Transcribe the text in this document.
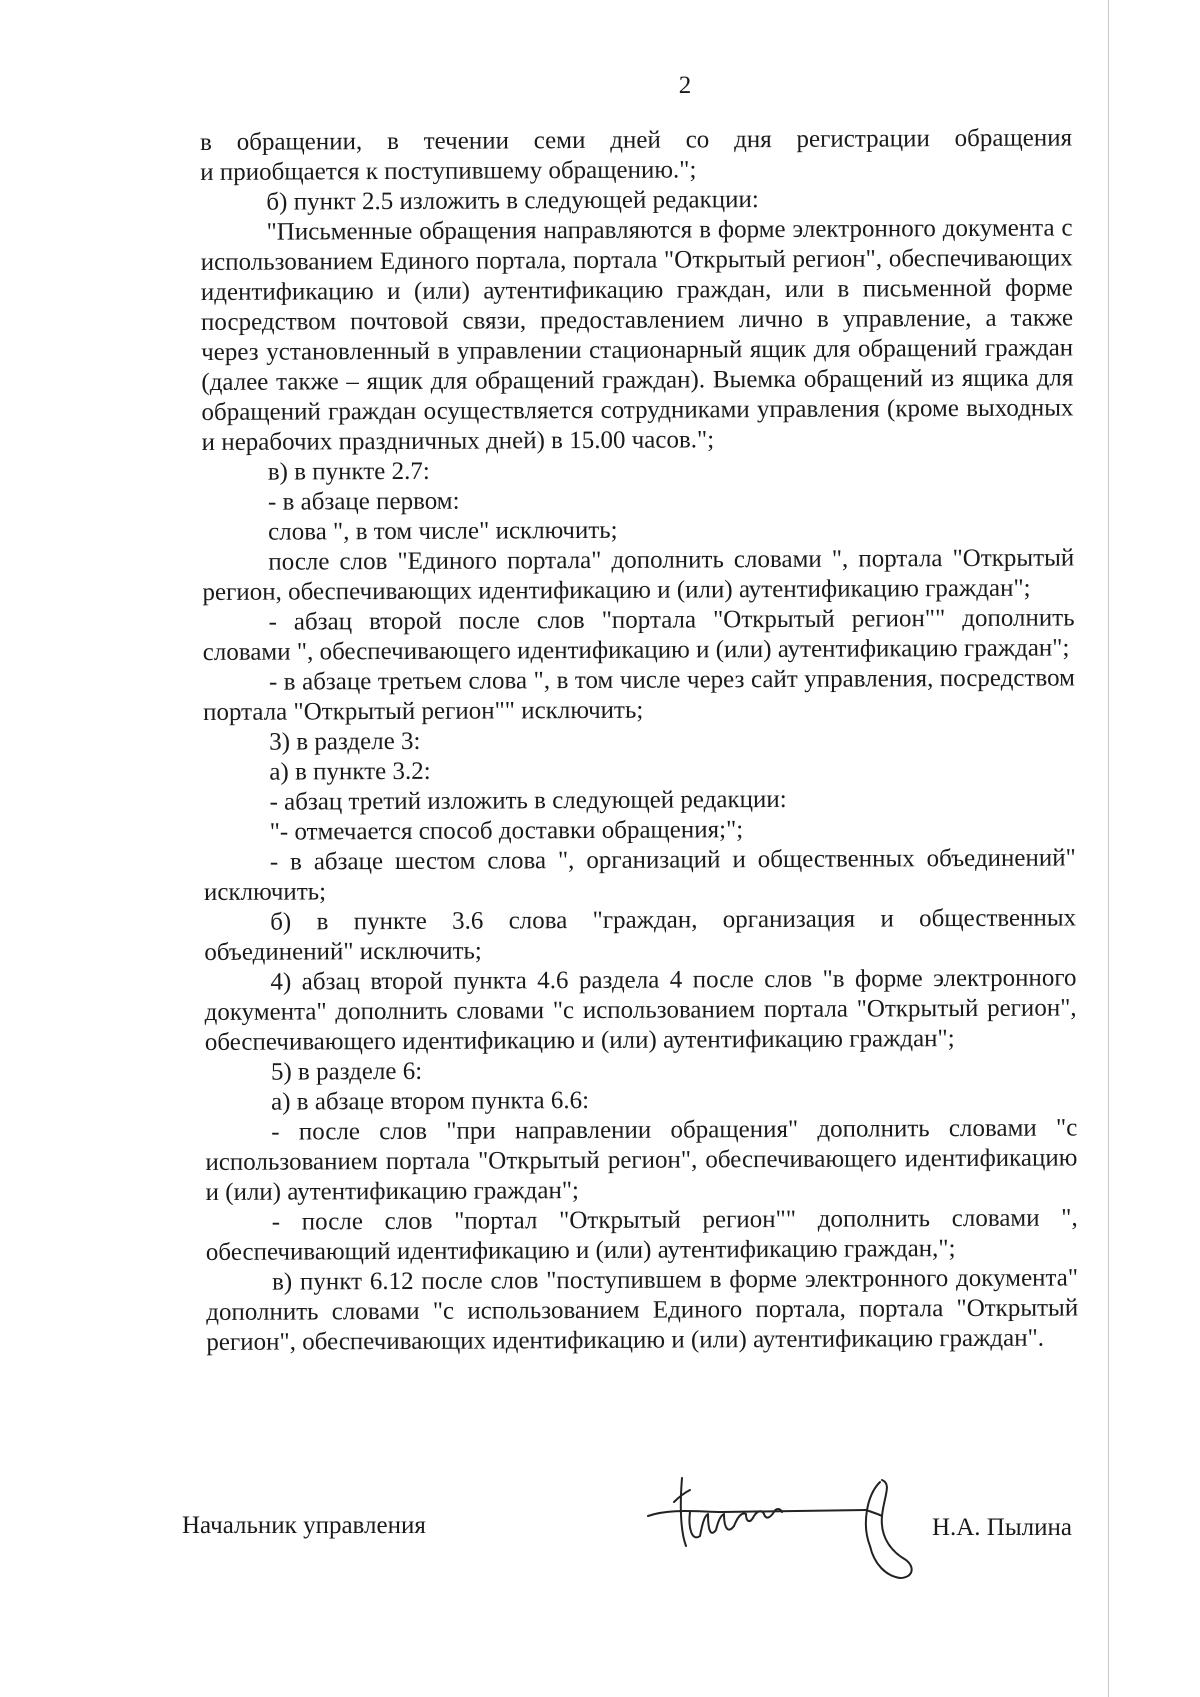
2

в обращении, в течении семи дней со дня регистрации обращения
и приобщается к поступившему обращению.";

б) пункт 2.5 изложить в следующей редакции:

"Письменные обращения направляются в форме электронного документа с использованием Единого портала, портала "Открытый регион", обеспечивающих идентификацию и (или) аутентификацию граждан, или в письменной форме посредством почтовой связи, предоставлением лично в управление, а также через установленный в управлении стационарный ящик для обращений граждан (далее также – ящик для обращений граждан). Выемка обращений из ящика для обращений граждан осуществляется сотрудниками управления (кроме выходных и нерабочих праздничных дней) в 15.00 часов.";

в) в пункте 2.7:

- в абзаце первом:

слова ", в том числе" исключить;

после слов "Единого портала" дополнить словами ", портала "Открытый регион, обеспечивающих идентификацию и (или) аутентификацию граждан";

- абзац второй после слов "портала "Открытый регион"" дополнить словами ", обеспечивающего идентификацию и (или) аутентификацию граждан";

- в абзаце третьем слова ", в том числе через сайт управления, посредством портала "Открытый регион"" исключить;

3) в разделе 3:

а) в пункте 3.2:

- абзац третий изложить в следующей редакции:

"- отмечается способ доставки обращения;";

- в абзаце шестом слова ", организаций и общественных объединений" исключить;

б) в пункте 3.6 слова "граждан, организация и общественных объединений" исключить;

4) абзац второй пункта 4.6 раздела 4 после слов "в форме электронного документа" дополнить словами "с использованием портала "Открытый регион", обеспечивающего идентификацию и (или) аутентификацию граждан";

5) в разделе 6:

а) в абзаце втором пункта 6.6:

- после слов "при направлении обращения" дополнить словами "с использованием портала "Открытый регион", обеспечивающего идентификацию и (или) аутентификацию граждан";

- после слов "портал "Открытый регион"" дополнить словами ", обеспечивающий идентификацию и (или) аутентификацию граждан,";

в) пункт 6.12 после слов "поступившем в форме электронного документа" дополнить словами "с использованием Единого портала, портала "Открытый регион", обеспечивающих идентификацию и (или) аутентификацию граждан".

Начальник управления	Н.А. Пылина
